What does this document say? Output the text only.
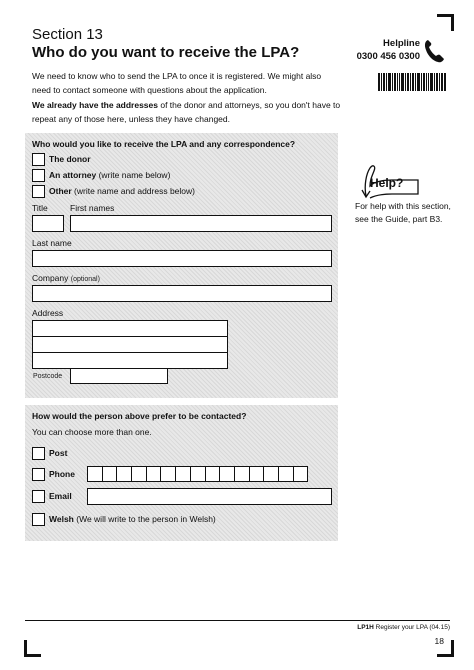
Section 13
Who do you want to receive the LPA?
Helpline
0300 456 0300
We need to know who to send the LPA to once it is registered. We might also need to contact someone with questions about the application.
We already have the addresses of the donor and attorneys, so you don't have to repeat any of those here, unless they have changed.
Who would you like to receive the LPA and any correspondence?
The donor
An attorney (write name below)
Other (write name and address below)
Title	First names
Last name
Company (optional)
Address
Postcode
How would the person above prefer to be contacted?
You can choose more than one.
Post
Phone
Email
Welsh (We will write to the person in Welsh)
Help?
For help with this section, see the Guide, part B3.
LP1H Register your LPA (04.15)
18
